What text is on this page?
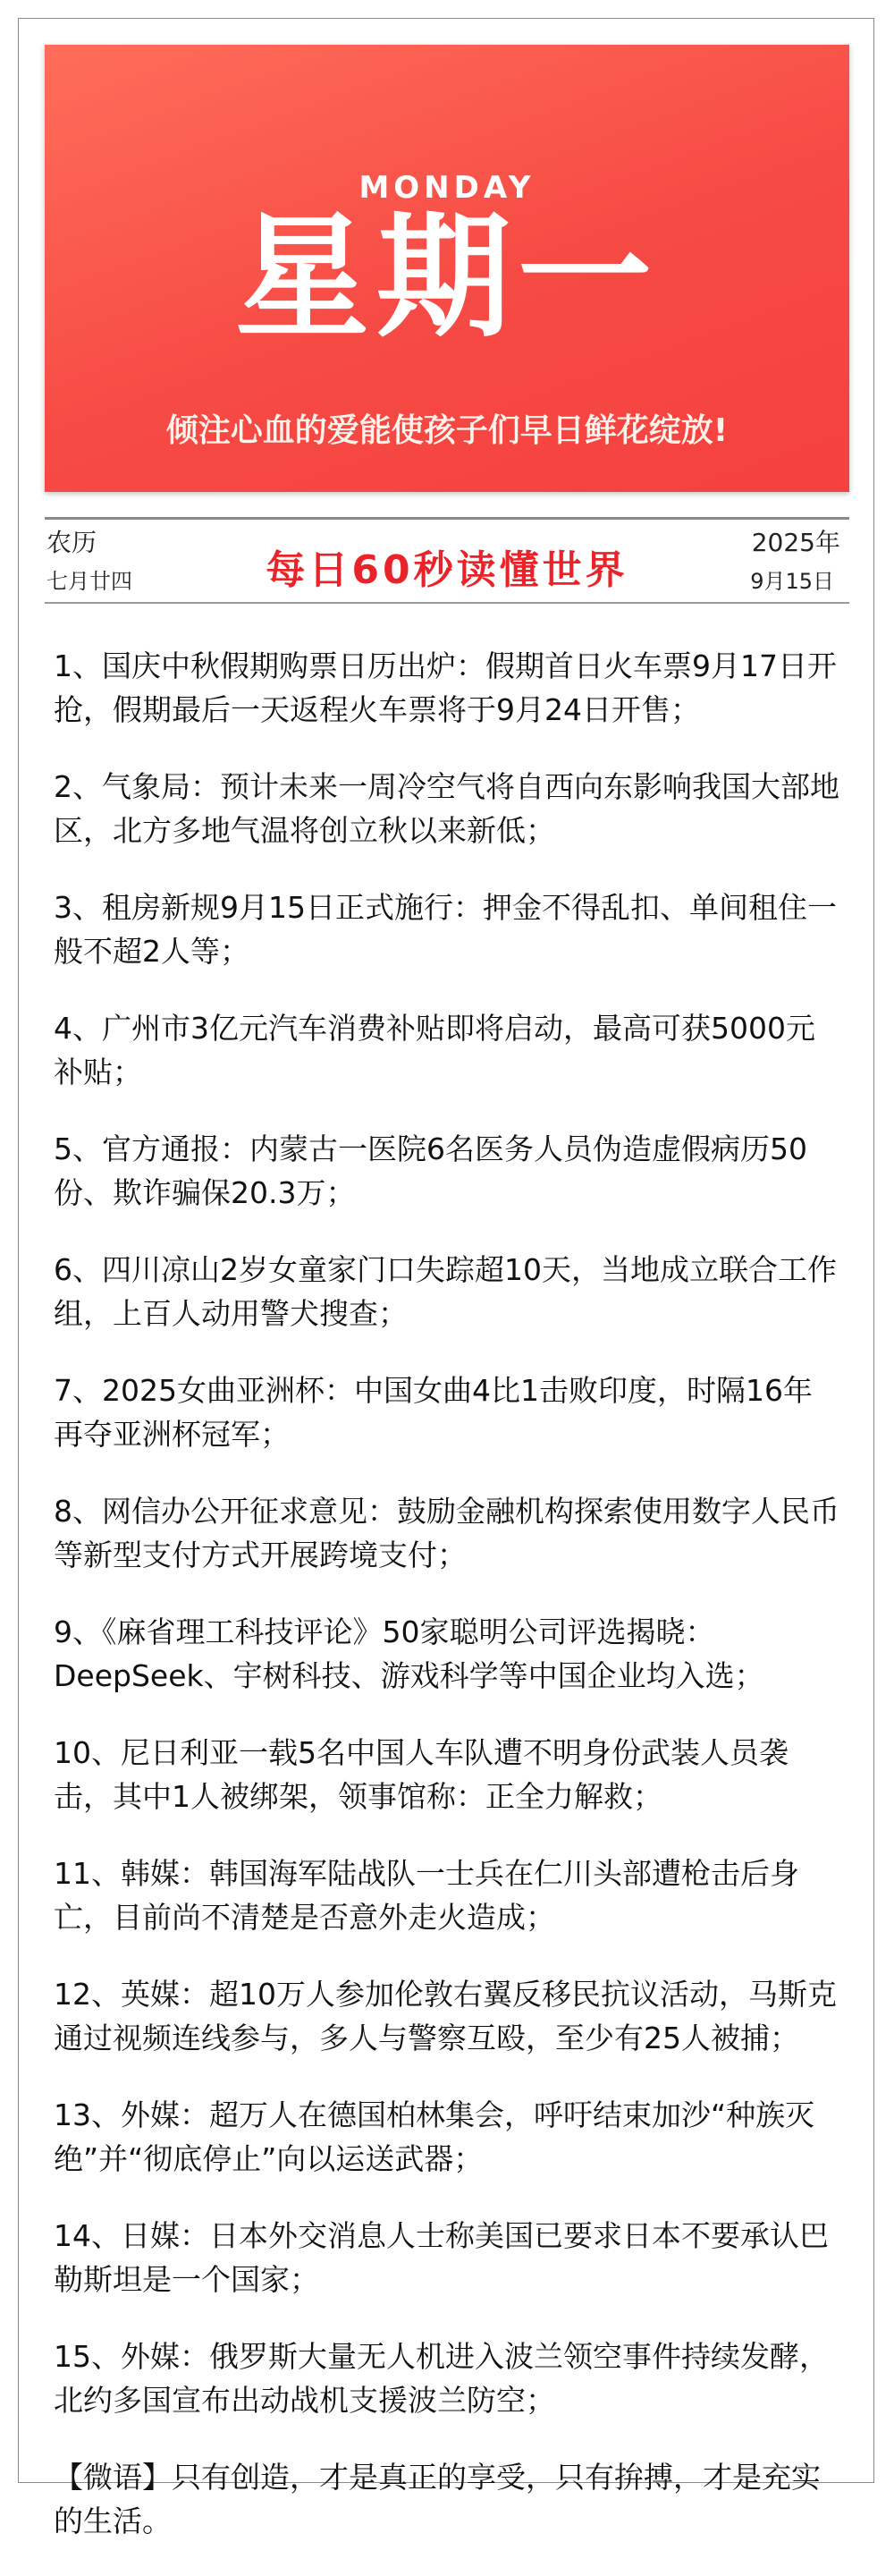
MONDAY
星期一
倾注心血的爱能使孩子们早日鲜花绽放!
农历
七月廿四	每日60秒读懂世界
2025年
9月15日
1、国庆中秋假期购票日历出炉：假期首日火车票9月17日开抢，假期最后一天返程火车票将于9月24日开售；
2、气象局：预计未来一周冷空气将自西向东影响我国大部地区，北方多地气温将创立秋以来新低；
3、租房新规9月15日正式施行：押金不得乱扣、单间租住一般不超2人等；
4、广州市3亿元汽车消费补贴即将启动，最高可获5000元补贴；
5、官方通报：内蒙古一医院6名医务人员伪造虚假病历50份、欺诈骗保20.3万；
6、四川凉山2岁女童家门口失踪超10天，当地成立联合工作组，上百人动用警犬搜查；
7、2025女曲亚洲杯：中国女曲4比1击败印度，时隔16年再夺亚洲杯冠军；
8、网信办公开征求意见：鼓励金融机构探索使用数字人民币等新型支付方式开展跨境支付；
9、《麻省理工科技评论》50家聪明公司评选揭晓：DeepSeek、宇树科技、游戏科学等中国企业均入选；
10、尼日利亚一载5名中国人车队遭不明身份武装人员袭击，其中1人被绑架，领事馆称：正全力解救；
11、韩媒：韩国海军陆战队一士兵在仁川头部遭枪击后身亡，目前尚不清楚是否意外走火造成；
12、英媒：超10万人参加伦敦右翼反移民抗议活动，马斯克通过视频连线参与，多人与警察互殴，至少有25人被捕；
13、外媒：超万人在德国柏林集会，呼吁结束加沙“种族灭绝”并“彻底停止”向以运送武器；
14、日媒：日本外交消息人士称美国已要求日本不要承认巴勒斯坦是一个国家；
15、外媒：俄罗斯大量无人机进入波兰领空事件持续发酵，北约多国宣布出动战机支援波兰防空；
【微语】只有创造，才是真正的享受，只有拚搏，才是充实的生活。
